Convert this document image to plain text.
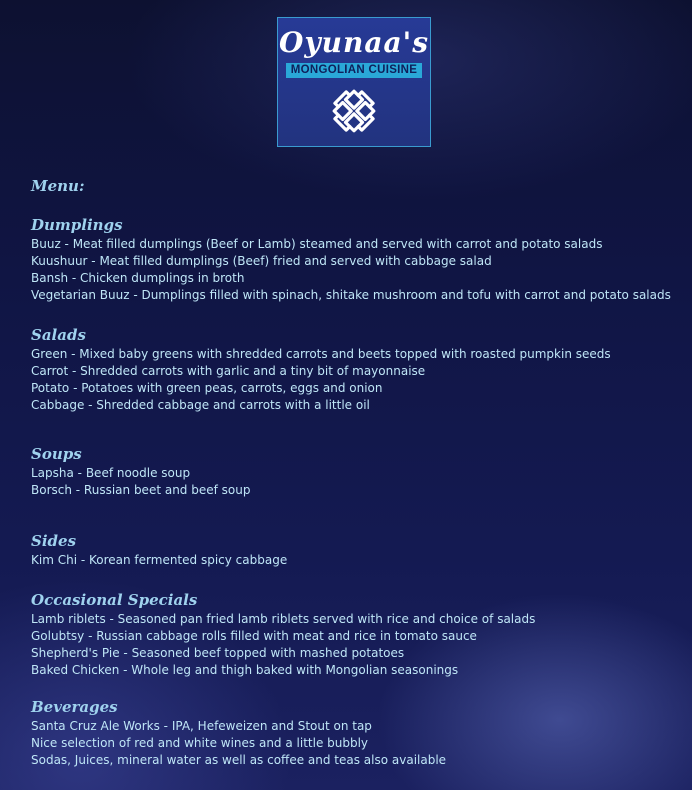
Oyunaa's
MONGOLIAN CUISINE
Menu:
Dumplings

Buuz - Meat filled dumplings (Beef or Lamb) steamed and served with carrot and potato salads

Kuushuur - Meat filled dumplings (Beef) fried and served with cabbage salad

Bansh - Chicken dumplings in broth

Vegetarian Buuz - Dumplings filled with spinach, shitake mushroom and tofu with carrot and potato salads

Salads

Green - Mixed baby greens with shredded carrots and beets topped with roasted pumpkin seeds

Carrot - Shredded carrots with garlic and a tiny bit of mayonnaise

Potato - Potatoes with green peas, carrots, eggs and onion

Cabbage - Shredded cabbage and carrots with a little oil

Soups

Lapsha - Beef noodle soup

Borsch - Russian beet and beef soup

Sides

Kim Chi - Korean fermented spicy cabbage

Occasional Specials

Lamb riblets - Seasoned pan fried lamb riblets served with rice and choice of salads

Golubtsy - Russian cabbage rolls filled with meat and rice in tomato sauce

Shepherd's Pie - Seasoned beef topped with mashed potatoes

Baked Chicken - Whole leg and thigh baked with Mongolian seasonings

Beverages

Santa Cruz Ale Works - IPA, Hefeweizen and Stout on tap

Nice selection of red and white wines and a little bubbly

Sodas, Juices, mineral water as well as coffee and teas also available
